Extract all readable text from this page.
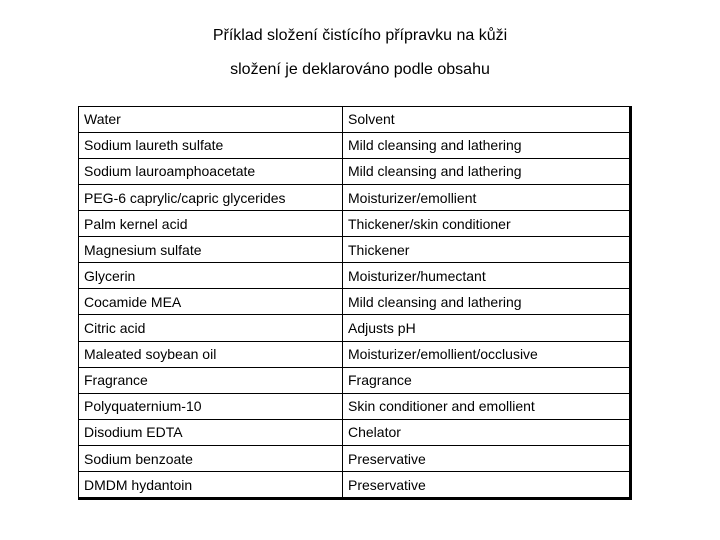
Příklad složení čistícího přípravku na kůži
složení je deklarováno podle obsahu
Water	Solvent
Sodium laureth sulfate	Mild cleansing and lathering
Sodium lauroamphoacetate	Mild cleansing and lathering
PEG-6 caprylic/capric glycerides	Moisturizer/emollient
Palm kernel acid	Thickener/skin conditioner
Magnesium sulfate	Thickener
Glycerin	Moisturizer/humectant
Cocamide MEA	Mild cleansing and lathering
Citric acid	Adjusts pH
Maleated soybean oil	Moisturizer/emollient/occlusive
Fragrance	Fragrance
Polyquaternium-10	Skin conditioner and emollient
Disodium EDTA	Chelator
Sodium benzoate	Preservative
DMDM hydantoin	Preservative
